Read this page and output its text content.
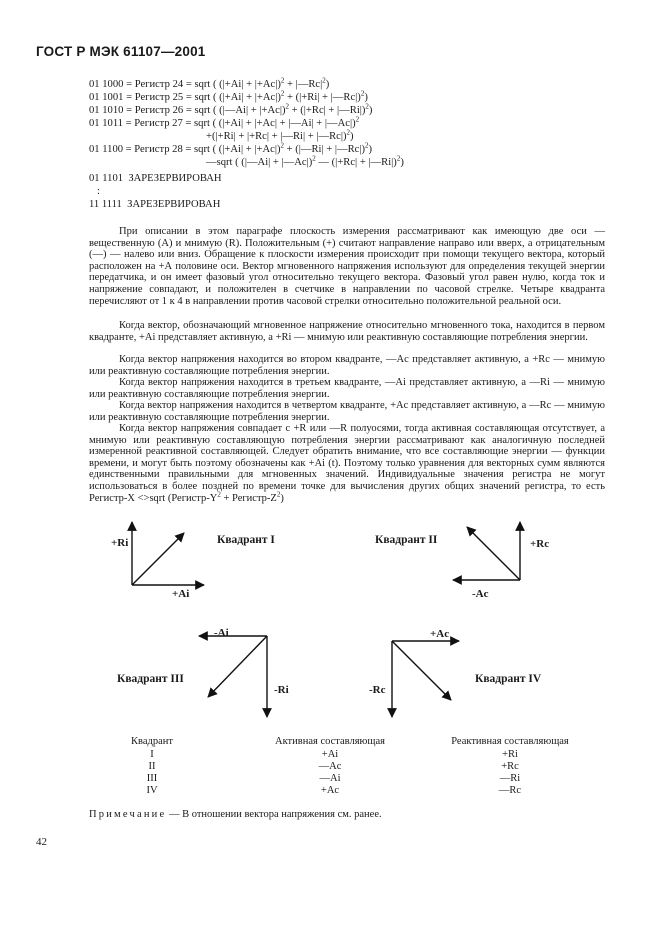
ГОСТ Р МЭК 61107—2001
01 1000 = Регистр 24 = sqrt ( $(|+Ai| + |+Ac|)^2$ + $|—Rc|^2$)
01 1001 = Регистр 25 = sqrt ( $(|+Ai| + |+Ac|)^2 + (|+Ri|$ + |—Rc|)$^2$)
01 1010 = Регистр 26 = sqrt ( (|—Ai| + |+Ac|)$^2$ + (|+Rc| + |—Ri|)$^2$)
01 1011 = Регистр 27 = sqrt ( (|+Ai| + |+Ac| + |—Ai| + |—Ac|)$^2$
+(|+Ri| + |+Rc| + |—Ri| + |—Rc|)$^2$)
01 1100 = Регистр 28 = sqrt ( $(|+Ai| + |+Ac|)^2$ + (|—Ri| + |—Rc|)$^2$)
—sqrt ( (|—Ai| + |—Ac|)$^2$ — (|+Rc| + |—Ri|)$^2$)
01 1101  ЗАРЕЗЕРВИРОВАН
:
11 1111  ЗАРЕЗЕРВИРОВАН
При описании в этом параграфе плоскость измерения рассматривают как имеющую две оси — вещественную (А) и мнимую (R). Положительным (+) считают направление направо или вверх, а отрицательным (—) — налево или вниз. Обращение к плоскости измерения происходит при помощи текущего вектора, который расположен на +А половине оси. Вектор мгновенного напряжения используют для определения текущей энергии передатчика, и он имеет фазовый угол относительно текущего вектора. Фазовый угол равен нулю, когда ток и напряжение совпадают, и положителен в счетчике в направлении по часовой стрелке. Четыре квадранта перечисляют от 1 к 4 в направлении против часовой стрелки относительно положительной реальной оси.
Когда вектор, обозначающий мгновенное напряжение относительно мгновенного тока, находится в первом квадранте, +Ai представляет активную, а +Ri — мнимую или реактивную составляющие потребления энергии.
Когда вектор напряжения находится во втором квадранте, —Ac представляет активную, а +Rc — мнимую или реактивную составляющие потребления энергии.
Когда вектор напряжения находится в третьем квадранте, —Ai представляет активную, а —Ri — мнимую или реактивную составляющие потребления энергии.
Когда вектор напряжения находится в четвертом квадранте, +Ac представляет активную, а —Rc — мнимую или реактивную составляющие потребления энергии.
Когда вектор напряжения совпадает с +R или —R полуосями, тогда активная составляющая отсутствует, а мнимую или реактивную составляющую потребления энергии рассматривают как аналогичную последней измеренной реактивной составляющей. Следует обратить внимание, что все составляющие энергии — функции времени, и могут быть поэтому обозначены как +Ai (t). Поэтому только уравнения для векторных сумм являются единственными правильными для мгновенных значений. Индивидуальные значения регистра не могут использоваться в более поздней по времени точке для вычисления других общих значений регистра, то есть Регистр-X <>sqrt ($Регистр-Y^2$ + Регистр-$Z^2$)
+Ri
+Ai
Квадрант I	Квадрант II	+Rc
-Ac
-Ai
-Ri
Квадрант III
+Ac
-Rc
Квадрант IV
Квадрант	Активная составляющая	Реактивная составляющая
I	+Ai	+Ri
II	—Ac	+Rc
III	—Ai	—Ri
IV	+Ac	—Rc
Примечание — В отношении вектора напряжения см. ранее.
42
